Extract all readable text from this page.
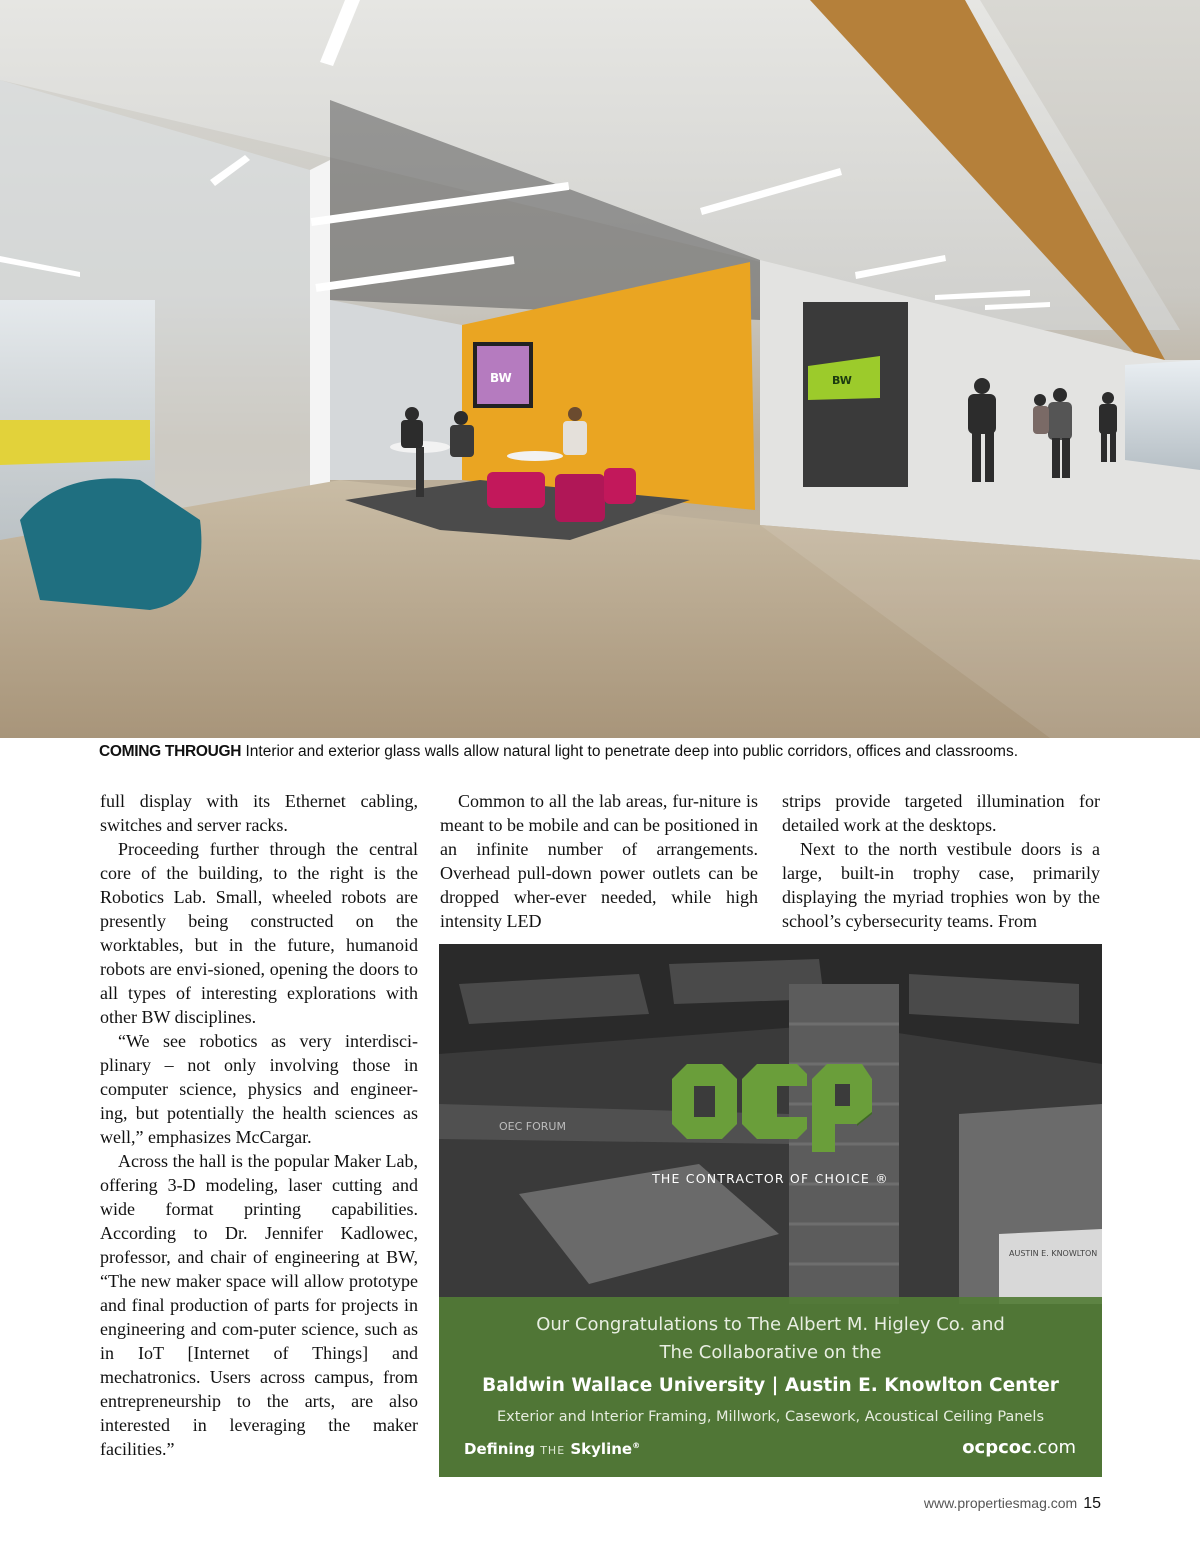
BW	BW
COMING THROUGH Interior and exterior glass walls allow natural light to penetrate deep into public corridors, offices and classrooms.

full display with its Ethernet cabling, switches and server racks.

Proceeding further through the central core of the building, to the right is the Robotics Lab. Small, wheeled robots are presently being constructed on the worktables, but in the future, humanoid robots are envi-sioned, opening the doors to all types of interesting explorations with other BW disciplines.

“We see robotics as very interdisci-plinary – not only involving those in computer science, physics and engineer-ing, but potentially the health sciences as well,” emphasizes McCargar.

Across the hall is the popular Maker Lab, offering 3-D modeling, laser cutting and wide format printing capabilities. According to Dr. Jennifer Kadlowec, professor, and chair of engineering at BW, “The new maker space will allow prototype and final production of parts for projects in engineering and com-puter science, such as in IoT [Internet of Things] and mechatronics. Users across campus, from entrepreneurship to the arts, are also interested in leveraging the maker facilities.”

Common to all the lab areas, fur-niture is meant to be mobile and can be positioned in an infinite number of arrangements. Overhead pull-down power outlets can be dropped wher-ever needed, while high intensity LED

strips provide targeted illumination for detailed work at the desktops.

Next to the north vestibule doors is a large, built-in trophy case, primarily displaying the myriad trophies won by the school’s cybersecurity teams. From

OEC FORUM
AUSTIN E. KNOWLTON
THE CONTRACTOR OF CHOICE ®
Our Congratulations to The Albert M. Higley Co. and
The Collaborative on the
Baldwin Wallace University | Austin E. Knowlton Center
Exterior and Interior Framing, Millwork, Casework, Acoustical Ceiling Panels
Defining THE Skyline®	ocpcoc.com
www.propertiesmag.com 15
